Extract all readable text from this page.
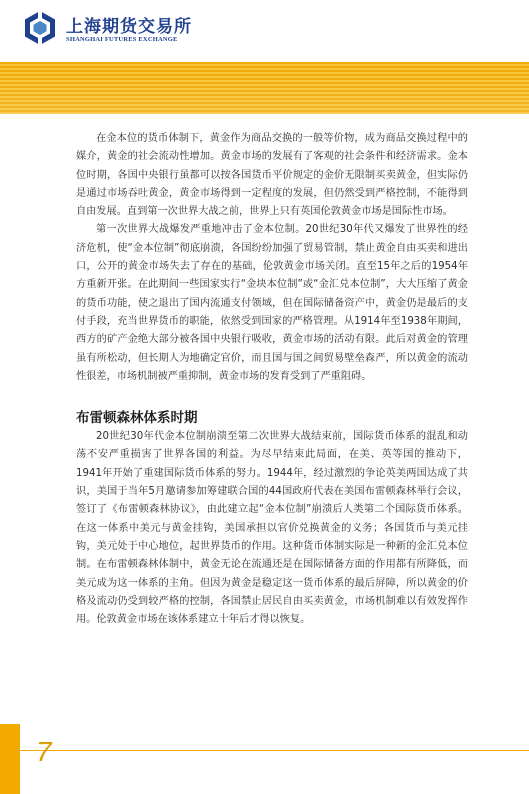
上海期货交易所
SHANGHAI FUTURES EXCHANGE

在金本位的货币体制下，黄金作为商品交换的一般等价物，成为商品交换过程中的媒介，黄金的社会流动性增加。黄金市场的发展有了客观的社会条件和经济需求。金本位时期，各国中央银行虽都可以按各国货币平价规定的金价无限制买卖黄金，但实际仍是通过市场吞吐黄金，黄金市场得到一定程度的发展，但仍然受到严格控制，不能得到自由发展。直到第一次世界大战之前，世界上只有英国伦敦黄金市场是国际性市场。

第一次世界大战爆发严重地冲击了金本位制。20世纪30年代又爆发了世界性的经济危机，使“金本位制”彻底崩溃，各国纷纷加强了贸易管制，禁止黄金自由买卖和进出口，公开的黄金市场失去了存在的基础，伦敦黄金市场关闭。直至15年之后的1954年方重新开张。在此期间一些国家实行“金块本位制”或“金汇兑本位制”，大大压缩了黄金的货币功能，使之退出了国内流通支付领域，但在国际储备资产中，黄金仍是最后的支付手段，充当世界货币的职能，依然受到国家的严格管理。从1914年至1938年期间，西方的矿产金绝大部分被各国中央银行吸收，黄金市场的活动有限。此后对黄金的管理虽有所松动，但长期人为地确定官价，而且国与国之间贸易壁垒森严，所以黄金的流动性很差，市场机制被严重抑制，黄金市场的发育受到了严重阻碍。

布雷顿森林体系时期

20世纪30年代金本位制崩溃至第二次世界大战结束前，国际货币体系的混乱和动荡不安严重损害了世界各国的利益。为尽早结束此局面，在美、英等国的推动下，1941年开始了重建国际货币体系的努力。1944年，经过激烈的争论英美两国达成了共识，美国于当年5月邀请参加筹建联合国的44国政府代表在美国布雷顿森林举行会议，签订了《布雷顿森林协议》，由此建立起“金本位制”崩溃后人类第二个国际货币体系。在这一体系中美元与黄金挂钩，美国承担以官价兑换黄金的义务；各国货币与美元挂钩，美元处于中心地位，起世界货币的作用。这种货币体制实际是一种新的金汇兑本位制。在布雷顿森林体制中，黄金无论在流通还是在国际储备方面的作用都有所降低，而美元成为这一体系的主角。但因为黄金是稳定这一货币体系的最后屏障，所以黄金的价格及流动仍受到较严格的控制，各国禁止居民自由买卖黄金，市场机制难以有效发挥作用。伦敦黄金市场在该体系建立十年后才得以恢复。

7
